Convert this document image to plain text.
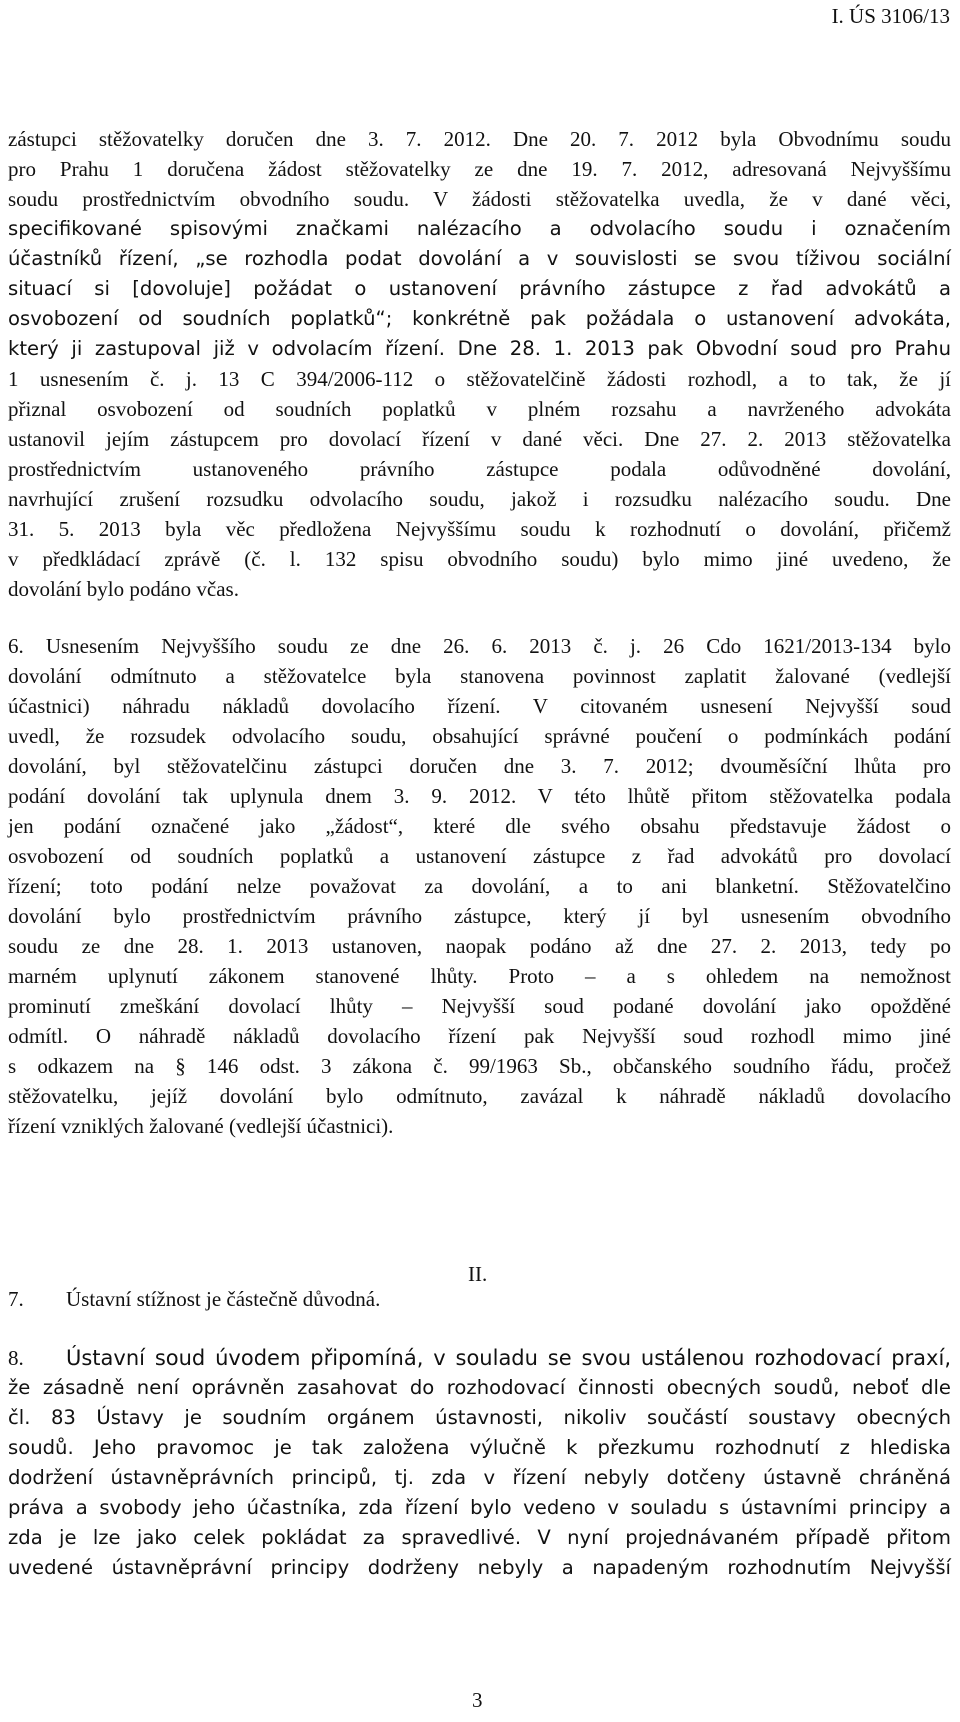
I. ÚS 3106/13
zástupci stěžovatelky doručen dne 3. 7. 2012. Dne 20. 7. 2012 byla Obvodnímu soudu
pro Prahu 1 doručena žádost stěžovatelky ze dne 19. 7. 2012, adresovaná Nejvyššímu
soudu prostřednictvím obvodního soudu. V žádosti stěžovatelka uvedla, že v dané věci,
specifikované spisovými značkami nalézacího a odvolacího soudu i označením
účastníků řízení, „se rozhodla podat dovolání a v souvislosti se svou tíživou sociální
situací si [dovoluje] požádat o ustanovení právního zástupce z řad advokátů a
osvobození od soudních poplatků“; konkrétně pak požádala o ustanovení advokáta,
který ji zastupoval již v odvolacím řízení. Dne 28. 1. 2013 pak Obvodní soud pro Prahu
1 usnesením č. j. 13 C 394/2006-112 o stěžovatelčině žádosti rozhodl, a to tak, že jí
přiznal osvobození od soudních poplatků v plném rozsahu a navrženého advokáta
ustanovil jejím zástupcem pro dovolací řízení v dané věci. Dne 27. 2. 2013 stěžovatelka
prostřednictvím ustanoveného právního zástupce podala odůvodněné dovolání,
navrhující zrušení rozsudku odvolacího soudu, jakož i rozsudku nalézacího soudu. Dne
31. 5. 2013 byla věc předložena Nejvyššímu soudu k rozhodnutí o dovolání, přičemž
v předkládací zprávě (č. l. 132 spisu obvodního soudu) bylo mimo jiné uvedeno, že
dovolání bylo podáno včas.
6. Usnesením Nejvyššího soudu ze dne 26. 6. 2013 č. j. 26 Cdo 1621/2013-134 bylo
dovolání odmítnuto a stěžovatelce byla stanovena povinnost zaplatit žalované (vedlejší
účastnici) náhradu nákladů dovolacího řízení. V citovaném usnesení Nejvyšší soud
uvedl, že rozsudek odvolacího soudu, obsahující správné poučení o podmínkách podání
dovolání, byl stěžovatelčinu zástupci doručen dne 3. 7. 2012; dvouměsíční lhůta pro
podání dovolání tak uplynula dnem 3. 9. 2012. V této lhůtě přitom stěžovatelka podala
jen podání označené jako „žádost“, které dle svého obsahu představuje žádost o
osvobození od soudních poplatků a ustanovení zástupce z řad advokátů pro dovolací
řízení; toto podání nelze považovat za dovolání, a to ani blanketní. Stěžovatelčino
dovolání bylo prostřednictvím právního zástupce, který jí byl usnesením obvodního
soudu ze dne 28. 1. 2013 ustanoven, naopak podáno až dne 27. 2. 2013, tedy po
marném uplynutí zákonem stanovené lhůty. Proto – a s ohledem na nemožnost
prominutí zmeškání dovolací lhůty – Nejvyšší soud podané dovolání jako opožděné
odmítl. O náhradě nákladů dovolacího řízení pak Nejvyšší soud rozhodl mimo jiné
s odkazem na § 146 odst. 3 zákona č. 99/1963 Sb., občanského soudního řádu, pročež
stěžovatelku, jejíž dovolání bylo odmítnuto, zavázal k náhradě nákladů dovolacího
řízení vzniklých žalované (vedlejší účastnici).
II.
7. Ústavní stížnost je částečně důvodná.
8. Ústavní soud úvodem připomíná, v souladu se svou ustálenou rozhodovací praxí,
že zásadně není oprávněn zasahovat do rozhodovací činnosti obecných soudů, neboť dle
čl. 83 Ústavy je soudním orgánem ústavnosti, nikoliv součástí soustavy obecných
soudů. Jeho pravomoc je tak založena výlučně k přezkumu rozhodnutí z hlediska
dodržení ústavněprávních principů, tj. zda v řízení nebyly dotčeny ústavně chráněná
práva a svobody jeho účastníka, zda řízení bylo vedeno v souladu s ústavními principy a
zda je lze jako celek pokládat za spravedlivé. V nyní projednávaném případě přitom
uvedené ústavněprávní principy dodrženy nebyly a napadeným rozhodnutím Nejvyšší
3
